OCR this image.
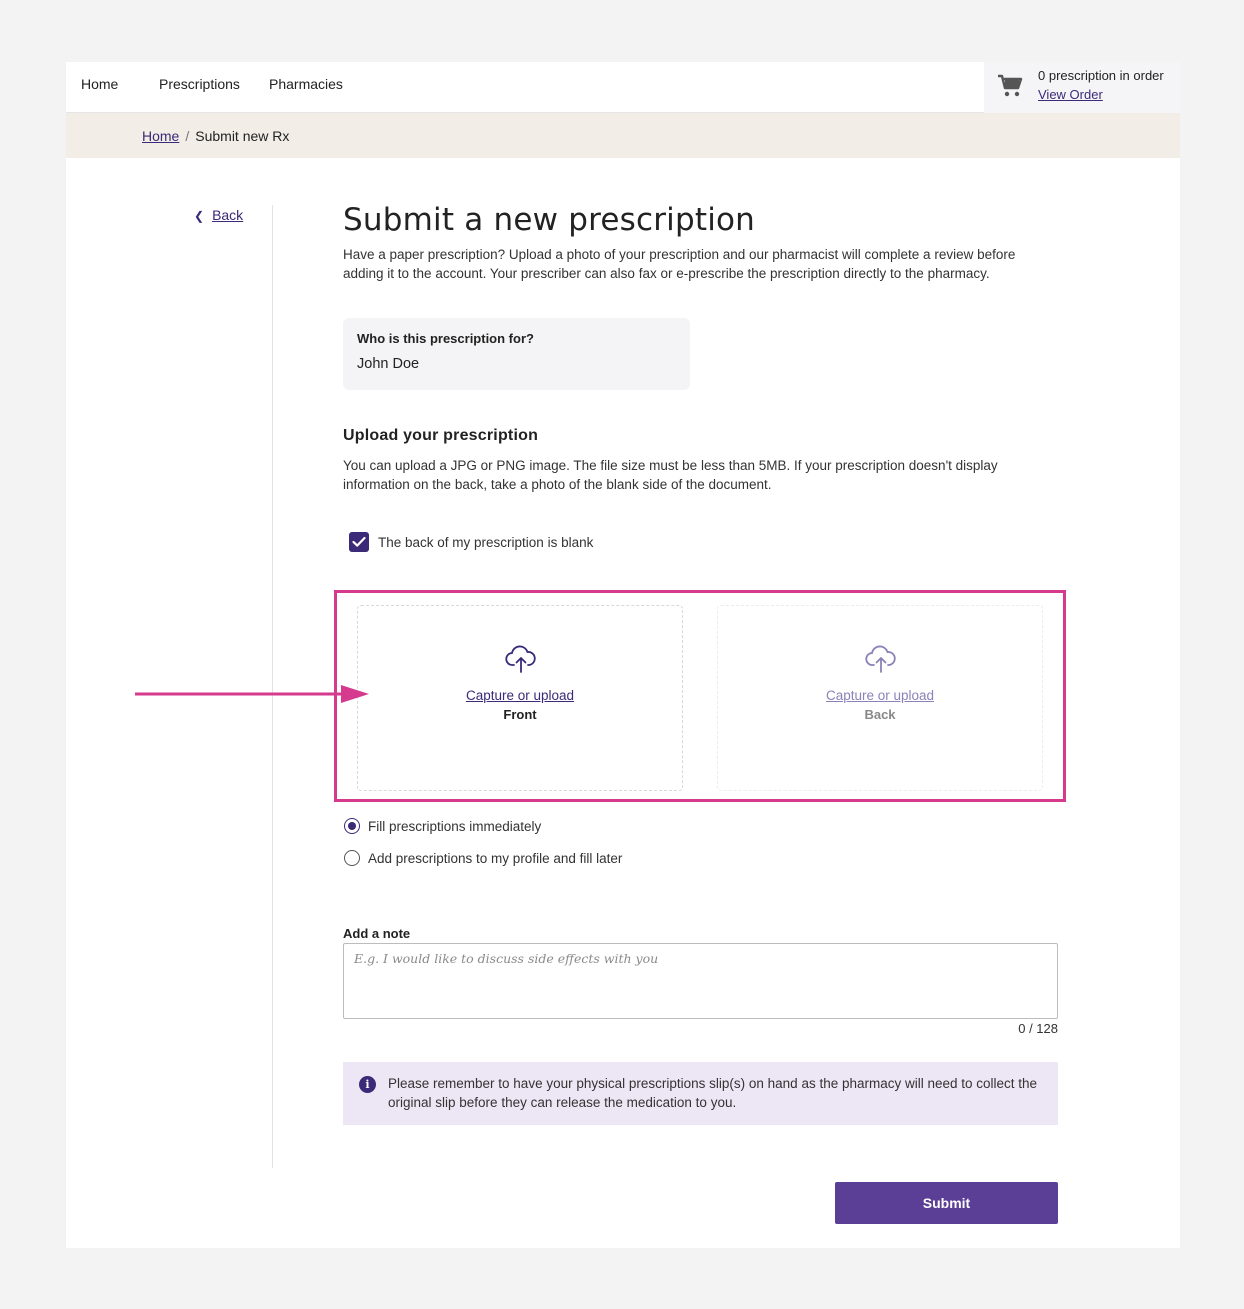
Home	Prescriptions Pharmacies
0 prescription in order
View Order
Home / Submit new Rx
❮ Back	Submit a new prescription

Have a paper prescription? Upload a photo of your prescription and our pharmacist will complete a review before adding it to the account. Your prescriber can also fax or e-prescribe the prescription directly to the pharmacy.

Who is this prescription for?
John Doe
Upload your prescription

You can upload a JPG or PNG image. The file size must be less than 5MB. If your prescription doesn't display information on the back, take a photo of the blank side of the document.

The back of my prescription is blank
Capture or upload
Front
Capture or upload
Back
Fill prescriptions immediately
Add prescriptions to my profile and fill later
Add a note
E.g. I would like to discuss side effects with you
0 / 128
i	Please remember to have your physical prescriptions slip(s) on hand as the pharmacy will need to collect the original slip before they can release the medication to you.
Submit
